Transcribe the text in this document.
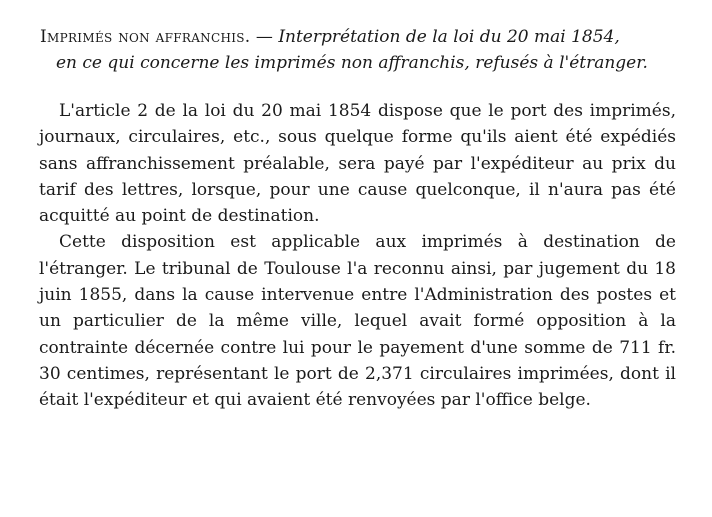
Imprimés non affranchis. — Interprétation de la loi du 20 mai 1854,
en ce qui concerne les imprimés non affranchis, refusés à l'étranger.

L'article 2 de la loi du 20 mai 1854 dispose que le port des imprimés, journaux, circulaires, etc., sous quelque forme qu'ils aient été expédiés sans affranchissement préalable, sera payé par l'expéditeur au prix du tarif des lettres, lorsque, pour une cause quelconque, il n'aura pas été acquitté au point de destination.

Cette disposition est applicable aux imprimés à destination de l'étranger. Le tribunal de Toulouse l'a reconnu ainsi, par jugement du 18 juin 1855, dans la cause intervenue entre l'Administration des postes et un particulier de la même ville, lequel avait formé opposition à la contrainte décernée contre lui pour le payement d'une somme de 711 fr. 30 centimes, représentant le port de 2,371 circulaires imprimées, dont il était l'expéditeur et qui avaient été renvoyées par l'office belge.
